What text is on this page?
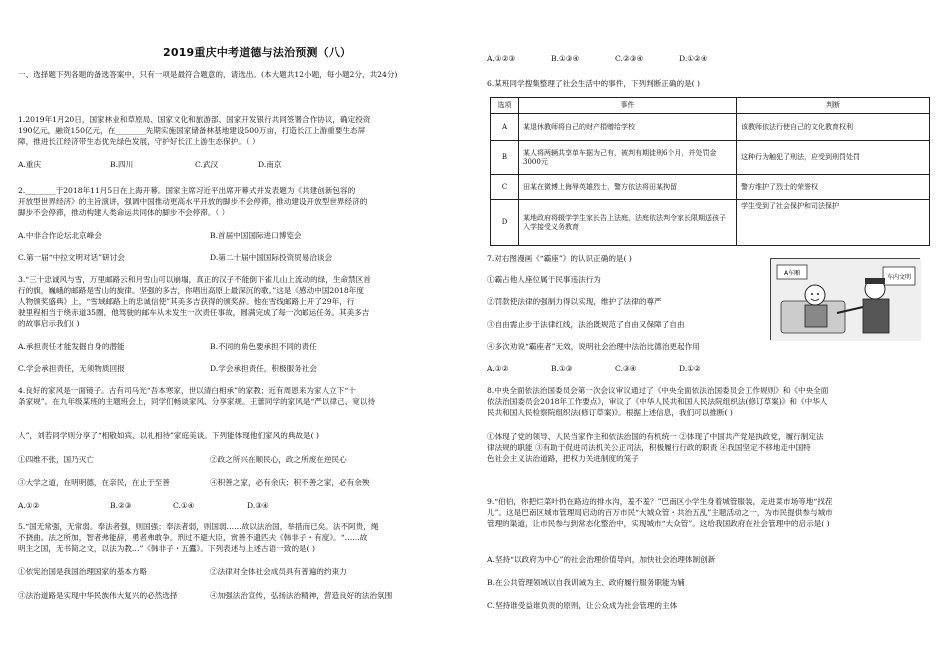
2019重庆中考道德与法治预测（八）
一、选择题下列各题的备选答案中，只有一项是最符合题意的，请选出。(本大题共12小题，每小题2分，共24分)
1.2019年1月20日，国家林业和草原局、国家文化和旅游部、国家开发银行共同签署合作协议，确定投资
190亿元，融资150亿元，在________先期实施国家储备林基地建设500万亩，打造长江上游重要生态屏
障，推进长江经济带生态优先绿色发展，守护好长江上游生态保护。（ ）
A.重庆	B.四川	C.武汉	D.南京
2.________于2018年11月5日在上海开幕。国家主席习近平出席开幕式并发表题为《共建创新包容的
开放型世界经济》的主旨演讲，强调中国推动更高水平开放的脚步不会停滞，推动建设开放型世界经济的
脚步不会停滞，推动构建人类命运共同体的脚步不会停滞。（ ）
A.中非合作论坛北京峰会	B.首届中国国际进口博览会
C.第一届“中拉文明对话”研讨会	D.第二十届中国国际投资贸易洽谈会
3.“三十忠诚风与雪，万里邮路云和月雪山可以崩塌，真正的汉子不能倒下雀儿山上流动的绿，生命禁区首
行的旗，巍峨的邮路是雪山的旋律。坚强的多吉，你唱出高原上最深沉的歌。”这是《感动中国2018年度
人物颁奖盛典》上，“雪域邮路上的忠诚信使”其美多吉获得的颁奖辞。他在雪线邮路上开了29年，行
驶里程相当于绕赤道35圈，他驾驶的邮车从未发生一次责任事故，圆满完成了每一次邮运任务。其美多吉
的故事启示我们( )
A.承担责任才能发掘自身的潜能	B.不同的角色要承担不同的责任
C.学会承担责任，无须物质回报	D.学会承担责任，积极服务社会
4.良好的家风是一面镜子。古有司马光“吾本寒家，世以清白相承”的家教；近有周恩来为家人立下“十
条家规”。在九年级某班的主题班会上，同学们畅谈家风、分享家规。王蕾同学的家风是“严以律己、宽以待
人”，刘若同学则分享了“相敬如宾、以礼相待”家庭美谈。下列能体现他们家风的典故是( )
①四维不张，国乃灭亡	②政之所兴在顺民心，政之所废在逆民心
③大学之道，在明明德，在亲民，在止于至善	④积善之家，必有余庆；积不善之家，必有余殃
A.①②	B.②③	C.①④	D.③④
5.“国无常强，无常弱。奉法者强，则国强；奉法者弱，则国弱……故以法治国，举措而已矣。法不阿贵，绳
不挠曲。法之所加，智者弗能辞，勇者弗敢争。刑过不避大臣，赏善不遗匹夫《韩非子・有度》。“……故
明主之国，无书简之文，以法为教…”《韩非子・五蠹》。下列表述与上述古语一致的是( )
①依宪治国是我国治理国家的基本方略	②法律对全体社会成员具有普遍的约束力
③法治道路是实现中华民族伟大复兴的必然选择	④加强法治宣传，弘扬法治精神，营造良好的法治氛围
A.①②③	B.①③④	C.②③④	D.①②④
6.某班同学搜集整理了社会生活中的事件，下列判断正确的是( )
选项	事件	判断
A	某退休教师将自己的财产捐赠给学校	该教师依法行使自己的文化教育权利
B	某人将两辆共享单车据为己有，被判有期徒刑6个月，并处罚金3000元	这种行为触犯了刑法，应受到刑罚处罚
C	田某在微博上侮辱英雄烈士，警方依法将田某拘留	警方维护了烈士的荣誉权
D	某地政府将辍学学生家长告上法庭，法庭依法判令家长限期送孩子入学接受义务教育	学生受到了社会保护和司法保护
7.对右图漫画《“霸座”》的认识正确的是( )
①霸占他人座位属于民事违法行为
②罚款使法律的强制力得以实现，维护了法律的尊严
③自由需止步于法律红线，法治既规范了自由又保障了自由
④多次劝说“霸座者”无效，说明社会治理中法治比德治更起作用
A.①②	B.①③	C.③④	D.①②
A车厢
车内文明
8.中央全面依法治国委员会第一次会议审议通过了《中央全面依法治国委员会工作规则》和《中央全面
依法治国委员会2018年工作要点》，审议了《中华人民共和国人民法院组织法(修订草案)》和《中华人
民共和国人民检察院组织法(修订草案)》。根据上述信息，我们可以推断( )
①体现了党的领导、人民当家作主和依法治国的有机统一 ②体现了中国共产党是执政党，履行制定法
律法规的职能 ③有助于促进司法机关公正司法，积极履行行政的职责 ④我国坚定不移地走中国特
色社会主义法治道路，把权力关进制度的笼子
9.“伯伯，你把烂菜叶扔在路边的排水沟，羞不羞？”巴南区小学生身着城管服装，走进菜市场等地“找茬
儿”。这是巴南区城市管理局启动的百万市民“大城众管・共治五乱”主题活动之一，为市民提供参与城市
管理的渠道，让市民参与到常态化整治中，实现城市“大众管”。这给我国政府在社会管理中的启示是( )
A.坚持“以政府为中心”的社会治理价值导向，加快社会治理体制创新
B.在公共管理领域以自我训诫为主、政府履行服务职能为辅
C.坚持谁受益谁负责的原则，让公众成为社会管理的主体
